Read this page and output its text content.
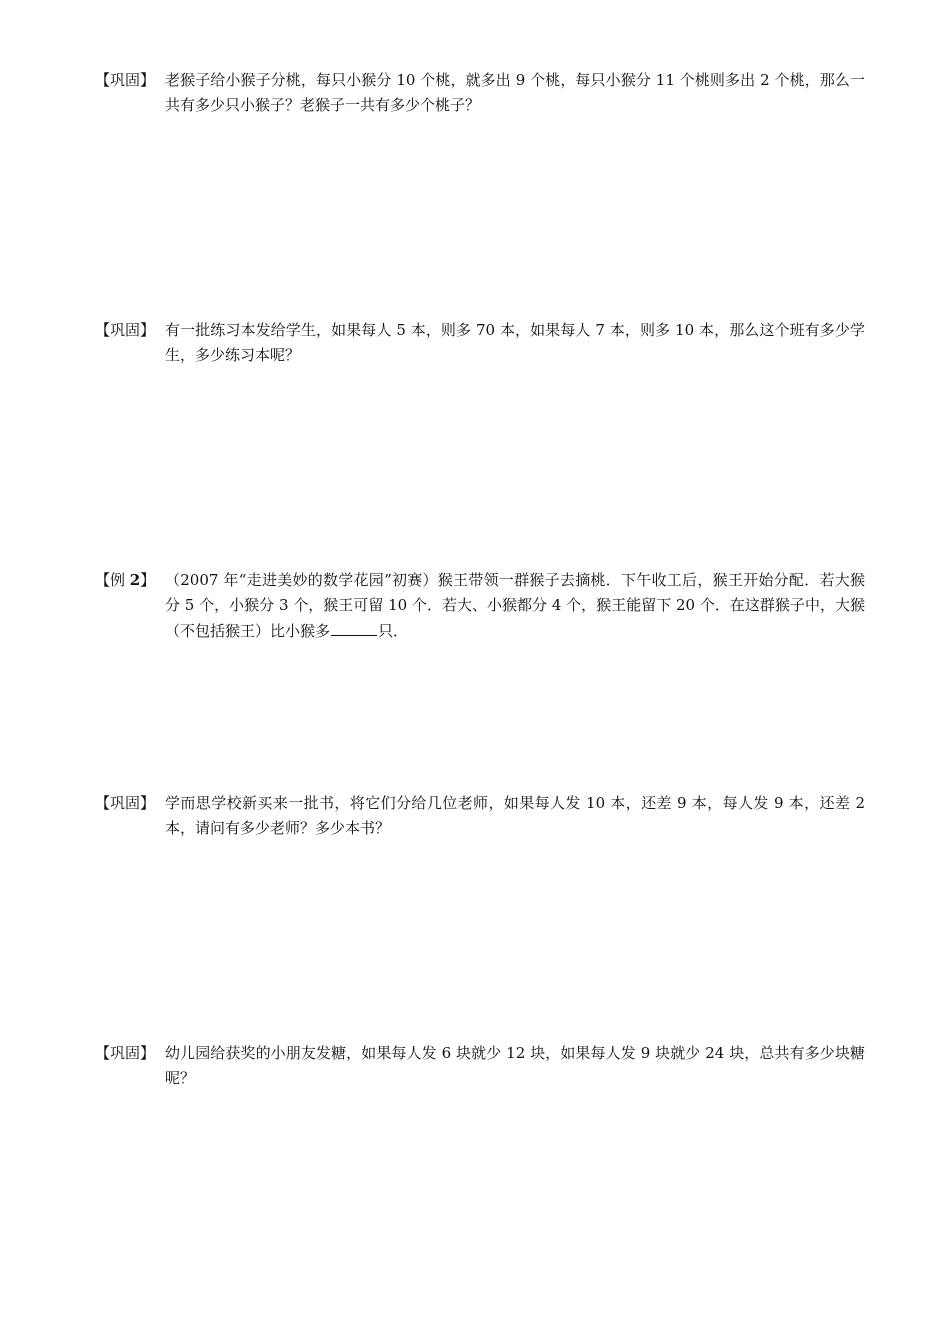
【巩固】 老猴子给小猴子分桃，每只小猴分 10 个桃，就多出 9 个桃，每只小猴分 11 个桃则多出 2 个桃，那么一共有多少只小猴子？老猴子一共有多少个桃子？
【巩固】 有一批练习本发给学生，如果每人 5 本，则多 70 本，如果每人 7 本，则多 10 本，那么这个班有多少学生，多少练习本呢？
【例 2】 （2007 年“走进美妙的数学花园”初赛）猴王带领一群猴子去摘桃．下午收工后，猴王开始分配．若大猴分 5 个，小猴分 3 个，猴王可留 10 个．若大、小猴都分 4 个，猴王能留下 20 个．在这群猴子中，大猴（不包括猴王）比小猴多	只．
【巩固】 学而思学校新买来一批书，将它们分给几位老师，如果每人发 10 本，还差 9 本，每人发 9 本，还差 2 本，请问有多少老师？多少本书？
【巩固】 幼儿园给获奖的小朋友发糖，如果每人发 6 块就少 12 块，如果每人发 9 块就少 24 块，总共有多少块糖呢？
